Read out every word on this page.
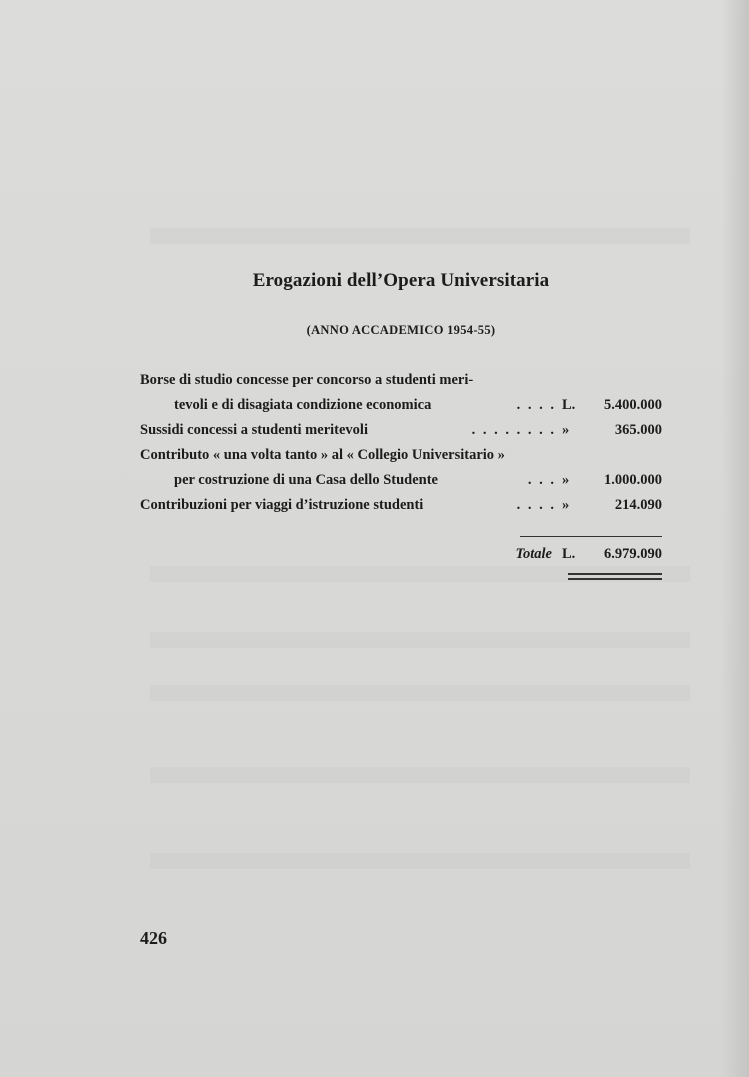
Erogazioni dell’Opera Universitaria
(ANNO ACCADEMICO 1954-55)
Borse di studio concesse per concorso a studenti meri-
tevoli e di disagiata condizione economica	. . . . L.	5.400.000
Sussidi concessi a studenti meritevoli	. . . . . . . . »	365.000
Contributo « una volta tanto » al « Collegio Universitario »
per costruzione di una Casa dello Studente	. . . »	1.000.000
Contribuzioni per viaggi d’istruzione studenti	. . . . »	214.090
Totale L.	6.979.090
426
